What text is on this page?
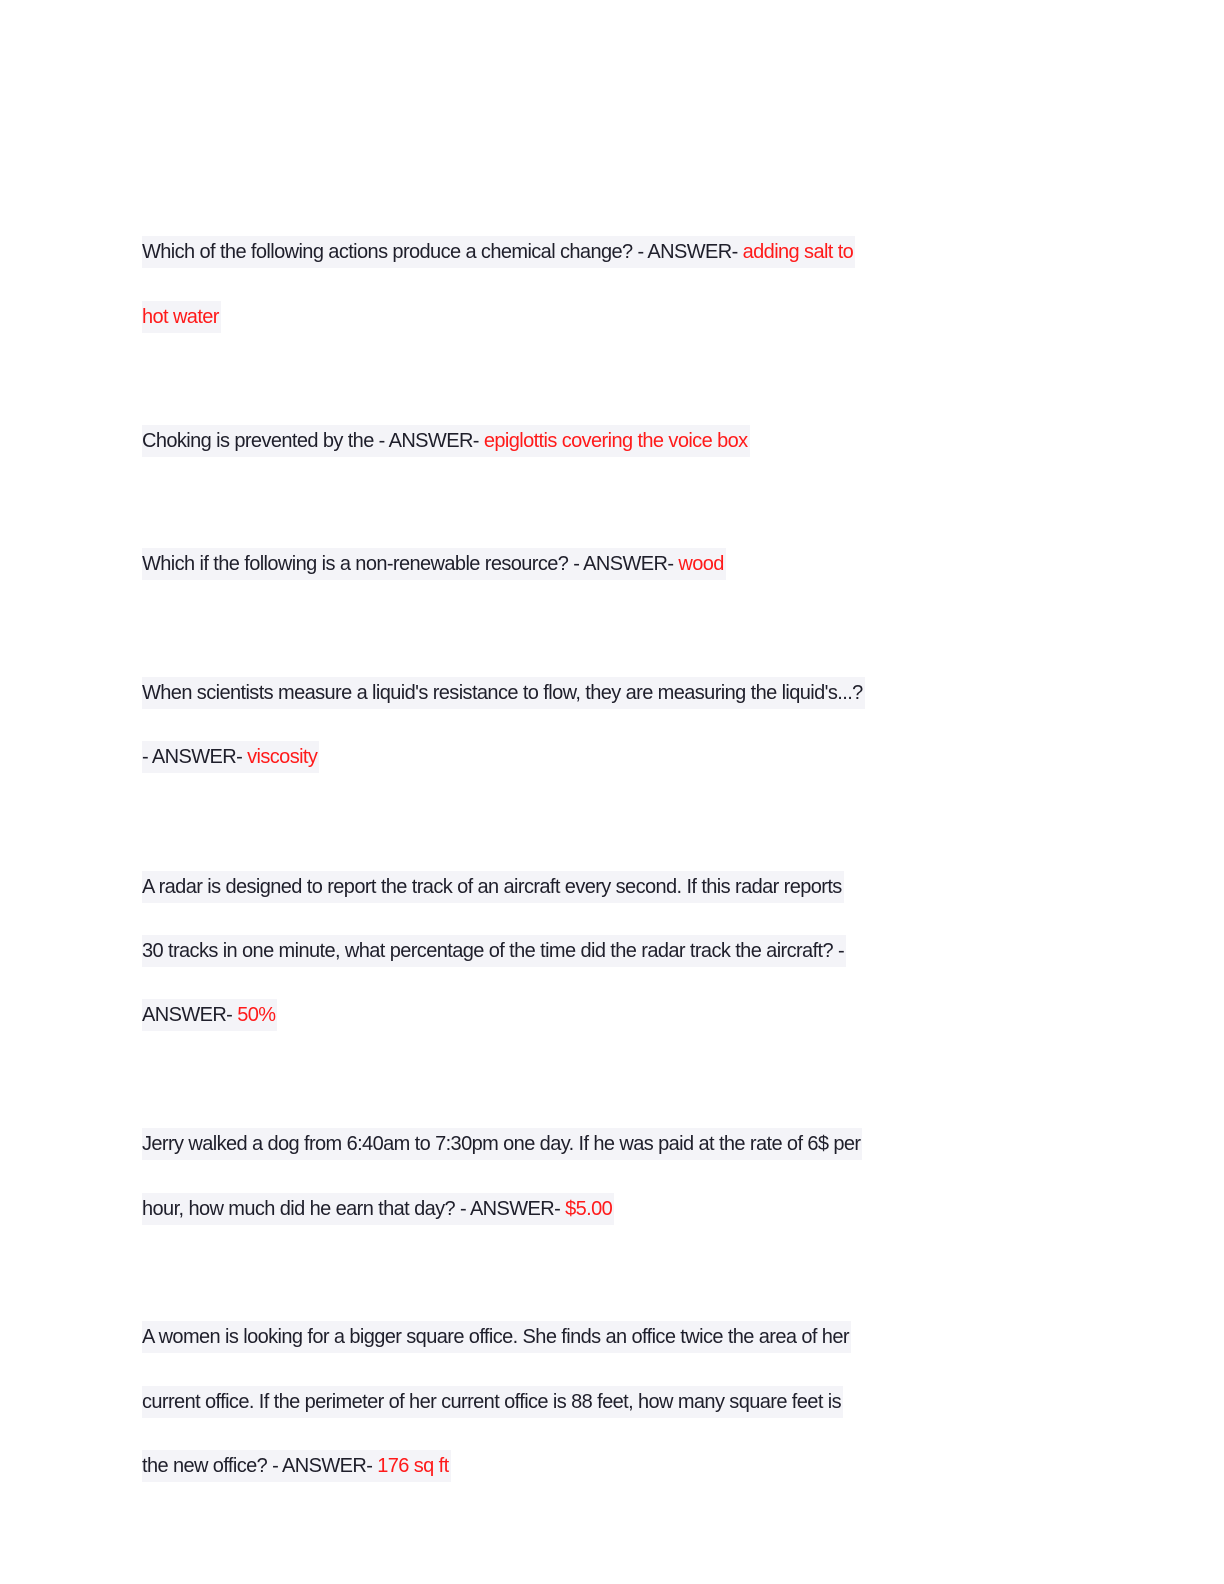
Which of the following actions produce a chemical change? - ANSWER- adding salt to
hot water
Choking is prevented by the - ANSWER- epiglottis covering the voice box
Which if the following is a non-renewable resource? - ANSWER- wood
When scientists measure a liquid's resistance to flow, they are measuring the liquid's...?
- ANSWER- viscosity
A radar is designed to report the track of an aircraft every second. If this radar reports
30 tracks in one minute, what percentage of the time did the radar track the aircraft? -
ANSWER- 50%
Jerry walked a dog from 6:40am to 7:30pm one day. If he was paid at the rate of 6$ per
hour, how much did he earn that day? - ANSWER- $5.00
A women is looking for a bigger square office. She finds an office twice the area of her
current office. If the perimeter of her current office is 88 feet, how many square feet is
the new office? - ANSWER- 176 sq ft
